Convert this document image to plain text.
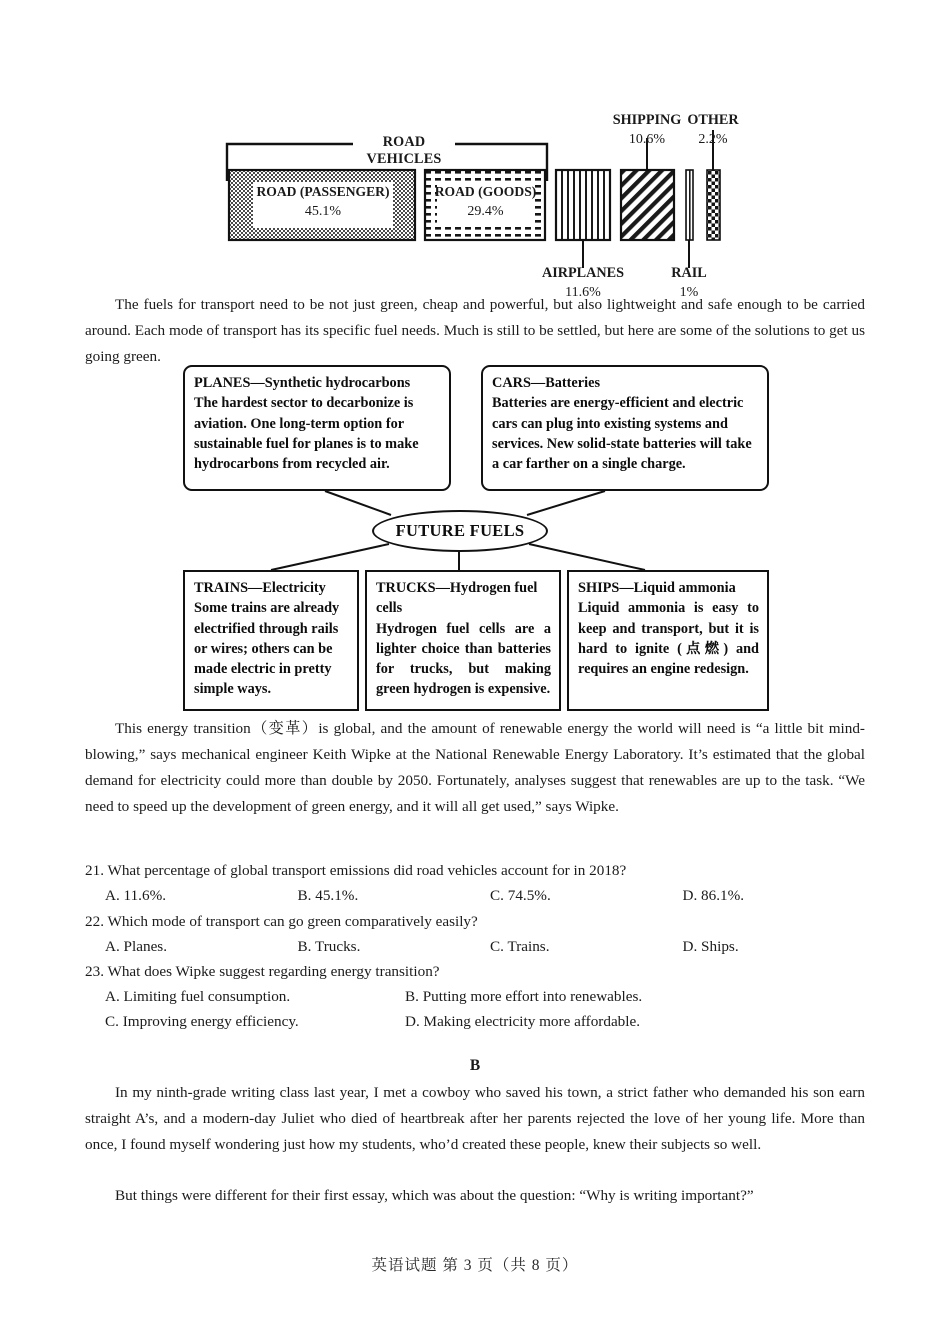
ROAD VEHICLES
ROAD (PASSENGER)
45.1%
ROAD (GOODS)
29.4%
SHIPPING
10.6%
OTHER
2.2%
AIRPLANES
11.6%
RAIL
1%
The fuels for transport need to be not just green, cheap and powerful, but also lightweight and safe enough to be carried around. Each mode of transport has its specific fuel needs. Much is still to be settled, but here are some of the solutions to get us going green.
PLANES—Synthetic hydrocarbons
The hardest sector to decarbonize is aviation. One long-term option for sustainable fuel for planes is to make hydrocarbons from recycled air.
CARS—Batteries
Batteries are energy-efficient and electric cars can plug into existing systems and services. New solid-state batteries will take a car farther on a single charge.
FUTURE FUELS
TRAINS—Electricity
Some trains are already electrified through rails or wires; others can be made electric in pretty simple ways.
TRUCKS—Hydrogen fuel cells
Hydrogen fuel cells are a lighter choice than batteries for trucks, but making green hydrogen is expensive.
SHIPS—Liquid ammonia
Liquid ammonia is easy to keep and transport, but it is hard to ignite (点燃) and requires an engine redesign.
This energy transition（变革）is global, and the amount of renewable energy the world will need is “a little bit mind-blowing,” says mechanical engineer Keith Wipke at the National Renewable Energy Laboratory. It’s estimated that the global demand for electricity could more than double by 2050. Fortunately, analyses suggest that renewables are up to the task. “We need to speed up the development of green energy, and it will all get used,” says Wipke.
21. What percentage of global transport emissions did road vehicles account for in 2018?
A. 11.6%.	B. 45.1%.	C. 74.5%.	D. 86.1%.
22. Which mode of transport can go green comparatively easily?
A. Planes.	B. Trucks.	C. Trains.	D. Ships.
23. What does Wipke suggest regarding energy transition?
A. Limiting fuel consumption.	B. Putting more effort into renewables.
C. Improving energy efficiency.	D. Making electricity more affordable.
B
In my ninth-grade writing class last year, I met a cowboy who saved his town, a strict father who demanded his son earn straight A’s, and a modern-day Juliet who died of heartbreak after her parents rejected the love of her young life. More than once, I found myself wondering just how my students, who’d created these people, knew their subjects so well.
But things were different for their first essay, which was about the question: “Why is writing important?”
英语试题 第 3 页（共 8 页）
